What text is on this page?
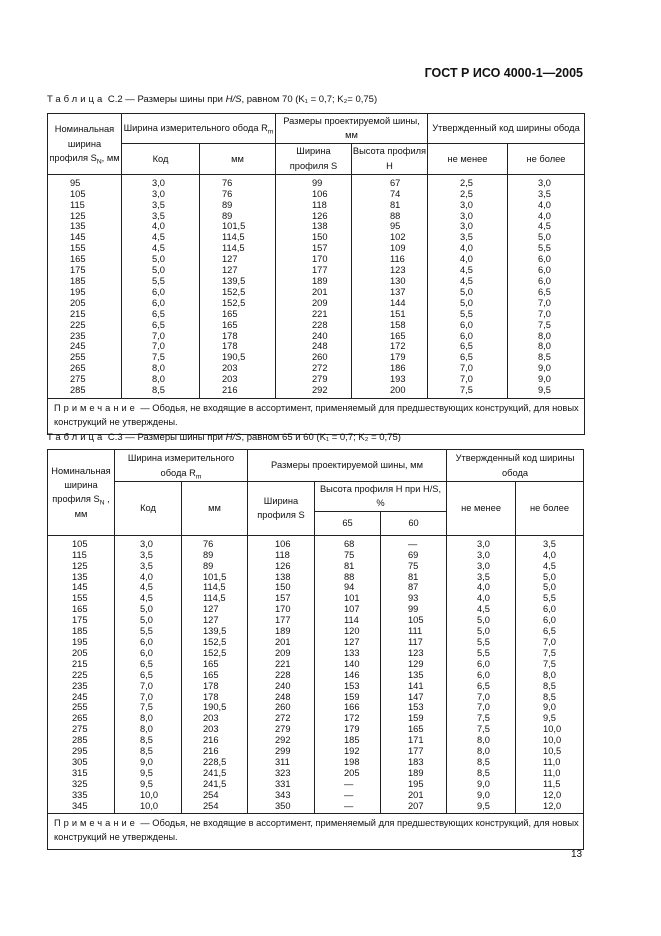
ГОСТ Р ИСО 4000-1—2005
Таблица С.2 — Размеры шины при H/S, равном 70 (K₁ = 0,7; K₂= 0,75)
Номинальная ширина профиля $S_N$, мм	Ширина измерительного обода $R_m$		Размеры проектируемой шины, мм		Утвержденный код ширины обода	
	Код	мм	Ширина профиля S	Высота профиля H	не менее	не более
95	3,0	76	99	67	2,5	3,0
105	3,0	76	106	74	2,5	3,5
115	3,5	89	118	81	3,0	4,0
125	3,5	89	126	88	3,0	4,0
135	4,0	101,5	138	95	3,0	4,5
145	4,5	114,5	150	102	3,5	5,0
155	4,5	114,5	157	109	4,0	5,5
165	5,0	127	170	116	4,0	6,0
175	5,0	127	177	123	4,5	6,0
185	5,5	139,5	189	130	4,5	6,0
195	6,0	152,5	201	137	5,0	6,5
205	6,0	152,5	209	144	5,0	7,0
215	6,5	165	221	151	5,5	7,0
225	6,5	165	228	158	6,0	7,5
235	7,0	178	240	165	6,0	8,0
245	7,0	178	248	172	6,5	8,0
255	7,5	190,5	260	179	6,5	8,5
265	8,0	203	272	186	7,0	9,0
275	8,0	203	279	193	7,0	9,0
285	8,5	216	292	200	7,5	9,5
Примечание — Ободья, не входящие в ассортимент, применяемый для предшествующих конструкций, для новых конструкций не утверждены.						
Таблица С.3 — Размеры шины при H/S, равном 65 и 60 (K₁ = 0,7; K₂ = 0,75)
Номинальная ширина профиля $S_N$ , мм	Ширина измерительного обода $R_m$		Размеры проектируемой шины, мм			Утвержденный код ширины обода	
	Код	мм	Ширина профиля S	Высота профиля H при H/S, %		не менее	не более
				65	60		
105	3,0	76	106	68	—	3,0	3,5
115	3,5	89	118	75	69	3,0	4,0
125	3,5	89	126	81	75	3,0	4,5
135	4,0	101,5	138	88	81	3,5	5,0
145	4,5	114,5	150	94	87	4,0	5,0
155	4,5	114,5	157	101	93	4,0	5,5
165	5,0	127	170	107	99	4,5	6,0
175	5,0	127	177	114	105	5,0	6,0
185	5,5	139,5	189	120	111	5,0	6,5
195	6,0	152,5	201	127	117	5,5	7,0
205	6,0	152,5	209	133	123	5,5	7,5
215	6,5	165	221	140	129	6,0	7,5
225	6,5	165	228	146	135	6,0	8,0
235	7,0	178	240	153	141	6,5	8,5
245	7,0	178	248	159	147	7,0	8,5
255	7,5	190,5	260	166	153	7,0	9,0
265	8,0	203	272	172	159	7,5	9,5
275	8,0	203	279	179	165	7,5	10,0
285	8,5	216	292	185	171	8,0	10,0
295	8,5	216	299	192	177	8,0	10,5
305	9,0	228,5	311	198	183	8,5	11,0
315	9,5	241,5	323	205	189	8,5	11,0
325	9,5	241,5	331	—	195	9,0	11,5
335	10,0	254	343	—	201	9,0	12,0
345	10,0	254	350	—	207	9,5	12,0
Примечание — Ободья, не входящие в ассортимент, применяемый для предшествующих конструкций, для новых конструкций не утверждены.							
13
